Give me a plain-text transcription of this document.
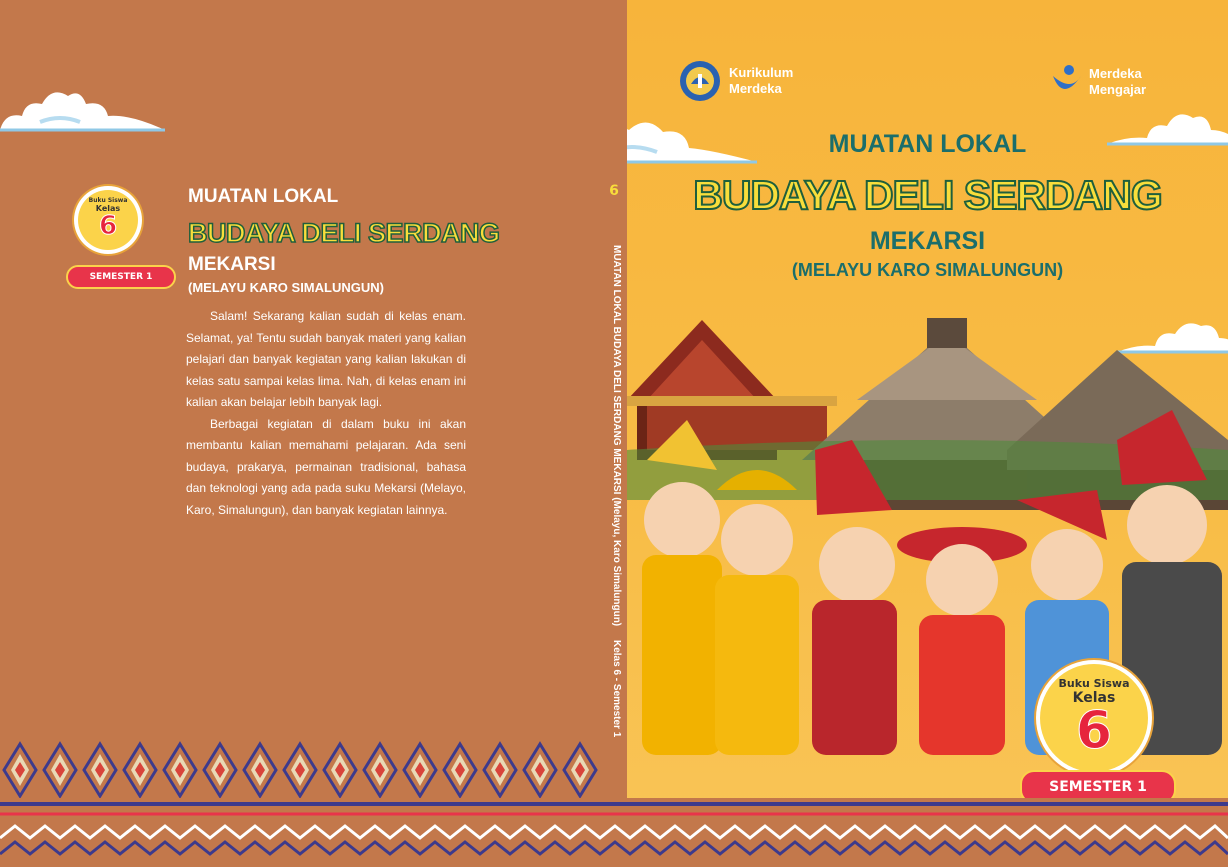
Buku Siswa
Kelas
6
SEMESTER 1
MUATAN LOKAL
BUDAYA DELI SERDANG
MEKARSI
(MELAYU KARO SIMALUNGUN)

Salam! Sekarang kalian sudah di kelas enam. Selamat, ya! Tentu sudah banyak materi yang kalian pelajari dan banyak kegiatan yang kalian lakukan di kelas satu sampai kelas lima. Nah, di kelas enam ini kalian akan belajar lebih banyak lagi.

Berbagai kegiatan di dalam buku ini akan membantu kalian memahami pelajaran. Ada seni budaya, prakarya, permainan tradisional, bahasa dan teknologi yang ada pada suku Mekarsi (Melayo, Karo, Simalungun), dan banyak kegiatan lainnya.

6
MUATAN LOKAL BUDAYA DELI SERDANG MEKARSI (Melayu, Karo Simalungun)
Kelas 6 - Semester 1
Kurikulum
Merdeka
Merdeka
Mengajar
MUATAN LOKAL
BUDAYA DELI SERDANG
MEKARSI
(MELAYU KARO SIMALUNGUN)
Buku Siswa
Kelas
6
SEMESTER 1
